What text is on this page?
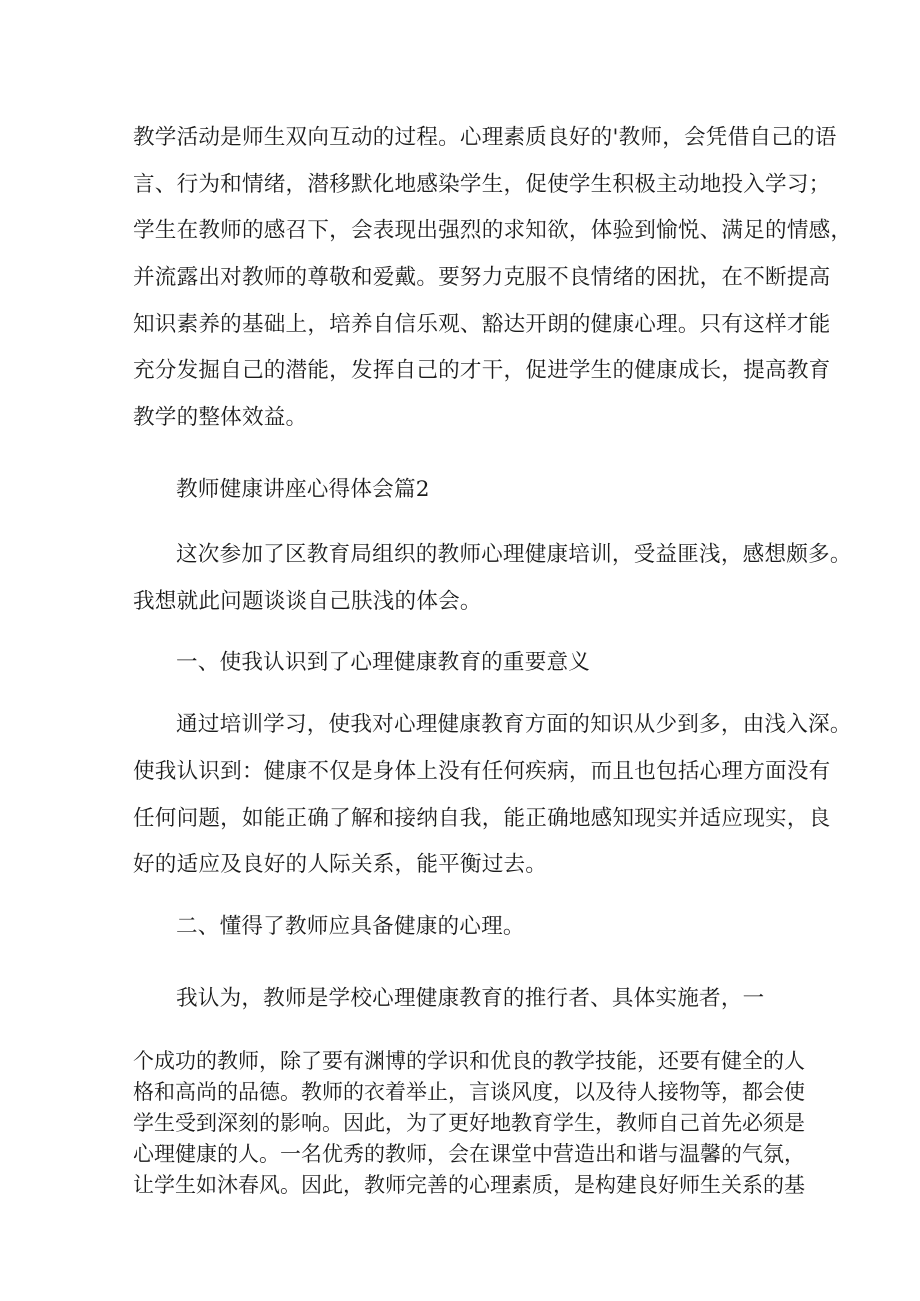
教学活动是师生双向互动的过程。心理素质良好的'教师，会凭借自己的语
言、行为和情绪，潜移默化地感染学生，促使学生积极主动地投入学习；
学生在教师的感召下，会表现出强烈的求知欲，体验到愉悦、满足的情感，
并流露出对教师的尊敬和爱戴。要努力克服不良情绪的困扰，在不断提高
知识素养的基础上，培养自信乐观、豁达开朗的健康心理。只有这样才能
充分发掘自己的潜能，发挥自己的才干，促进学生的健康成长，提高教育
教学的整体效益。
教师健康讲座心得体会篇2
这次参加了区教育局组织的教师心理健康培训，受益匪浅，感想颇多。
我想就此问题谈谈自己肤浅的体会。
一、使我认识到了心理健康教育的重要意义
通过培训学习，使我对心理健康教育方面的知识从少到多，由浅入深。
使我认识到：健康不仅是身体上没有任何疾病，而且也包括心理方面没有
任何问题，如能正确了解和接纳自我，能正确地感知现实并适应现实，良
好的适应及良好的人际关系，能平衡过去。
二、懂得了教师应具备健康的心理。
我认为，教师是学校心理健康教育的推行者、具体实施者，一
个成功的教师，除了要有渊博的学识和优良的教学技能，还要有健全的人
格和高尚的品德。教师的衣着举止，言谈风度，以及待人接物等，都会使
学生受到深刻的影响。因此，为了更好地教育学生，教师自己首先必须是
心理健康的人。一名优秀的教师，会在课堂中营造出和谐与温馨的气氛，
让学生如沐春风。因此，教师完善的心理素质，是构建良好师生关系的基
